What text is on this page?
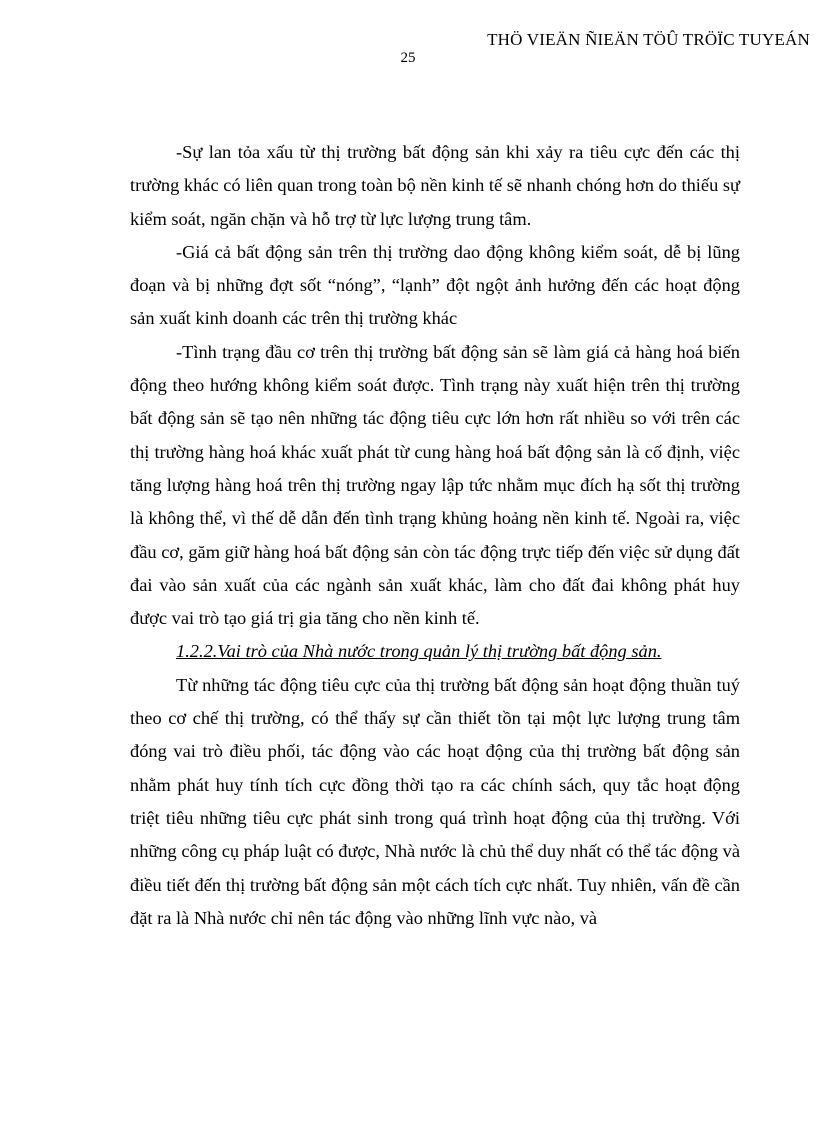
THÖ VIEÄN ÑIEÄN TÖÛ TRÖÏC TUYEÁN
25

-Sự lan tỏa xấu từ thị trường bất động sản khi xảy ra tiêu cực đến các thị trường khác có liên quan trong toàn bộ nền kinh tế sẽ nhanh chóng hơn do thiếu sự kiểm soát, ngăn chặn và hỗ trợ từ lực lượng trung tâm.

-Giá cả bất động sản trên thị trường dao động không kiểm soát, dễ bị lũng đoạn và bị những đợt sốt “nóng”, “lạnh” đột ngột ảnh hưởng đến các hoạt động sản xuất kinh doanh các trên thị trường khác

-Tình trạng đầu cơ trên thị trường bất động sản sẽ làm giá cả hàng hoá biến động theo hướng không kiểm soát được. Tình trạng này xuất hiện trên thị trường bất động sản sẽ tạo nên những tác động tiêu cực lớn hơn rất nhiều so với trên các thị trường hàng hoá khác xuất phát từ cung hàng hoá bất động sản là cố định, việc tăng lượng hàng hoá trên thị trường ngay lập tức nhằm mục đích hạ sốt thị trường là không thể, vì thế dễ dẫn đến tình trạng khủng hoảng nền kinh tế. Ngoài ra, việc đầu cơ, găm giữ hàng hoá bất động sản còn tác động trực tiếp đến việc sử dụng đất đai vào sản xuất của các ngành sản xuất khác, làm cho đất đai không phát huy được vai trò tạo giá trị gia tăng cho nền kinh tế.

1.2.2.Vai trò của Nhà nước trong quản lý thị trường bất động sản.

Từ những tác động tiêu cực của thị trường bất động sản hoạt động thuần tuý theo cơ chế thị trường, có thể thấy sự cần thiết tồn tại một lực lượng trung tâm đóng vai trò điều phối, tác động vào các hoạt động của thị trường bất động sản nhằm phát huy tính tích cực đồng thời tạo ra các chính sách, quy tắc hoạt động triệt tiêu những tiêu cực phát sinh trong quá trình hoạt động của thị trường. Với những công cụ pháp luật có được, Nhà nước là chủ thể duy nhất có thể tác động và điều tiết đến thị trường bất động sản một cách tích cực nhất. Tuy nhiên, vấn đề cần đặt ra là Nhà nước chỉ nên tác động vào những lĩnh vực nào, và
